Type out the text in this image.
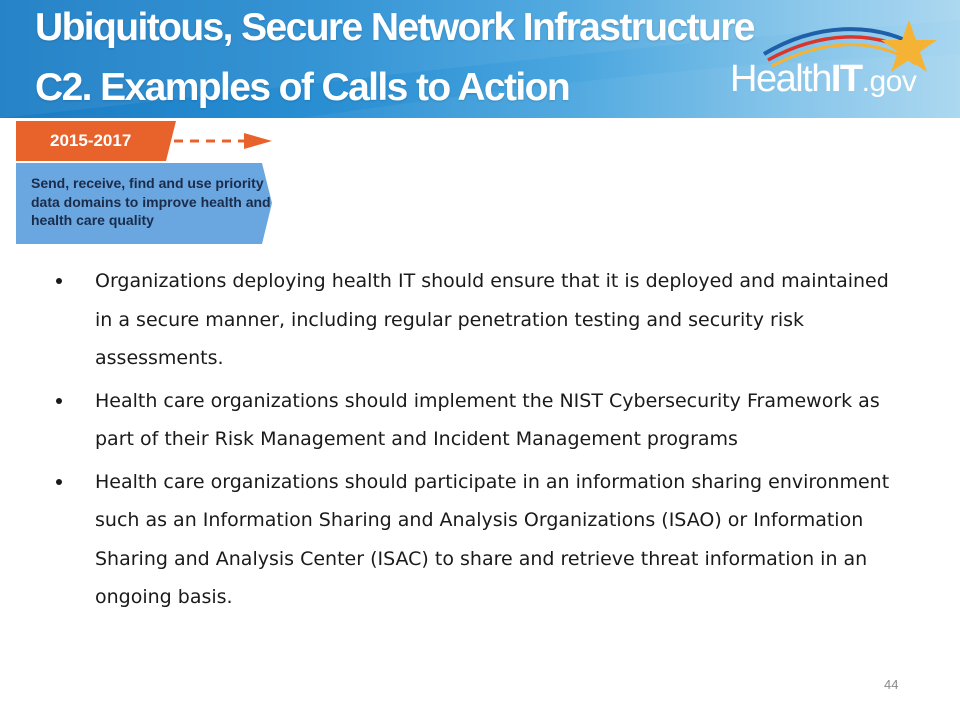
Ubiquitous, Secure Network Infrastructure
C2. Examples of Calls to Action	HealthIT.gov
2015-2017
Send, receive, find and use priority data domains to improve health and health care quality
Organizations deploying health IT should ensure that it is deployed and maintained in a secure manner, including regular penetration testing and security risk assessments.
Health care organizations should implement the NIST Cybersecurity Framework as part of their Risk Management and Incident Management programs
Health care organizations should participate in an information sharing environment such as an Information Sharing and Analysis Organizations (ISAO) or Information Sharing and Analysis Center (ISAC) to share and retrieve threat information in an ongoing basis.
44
